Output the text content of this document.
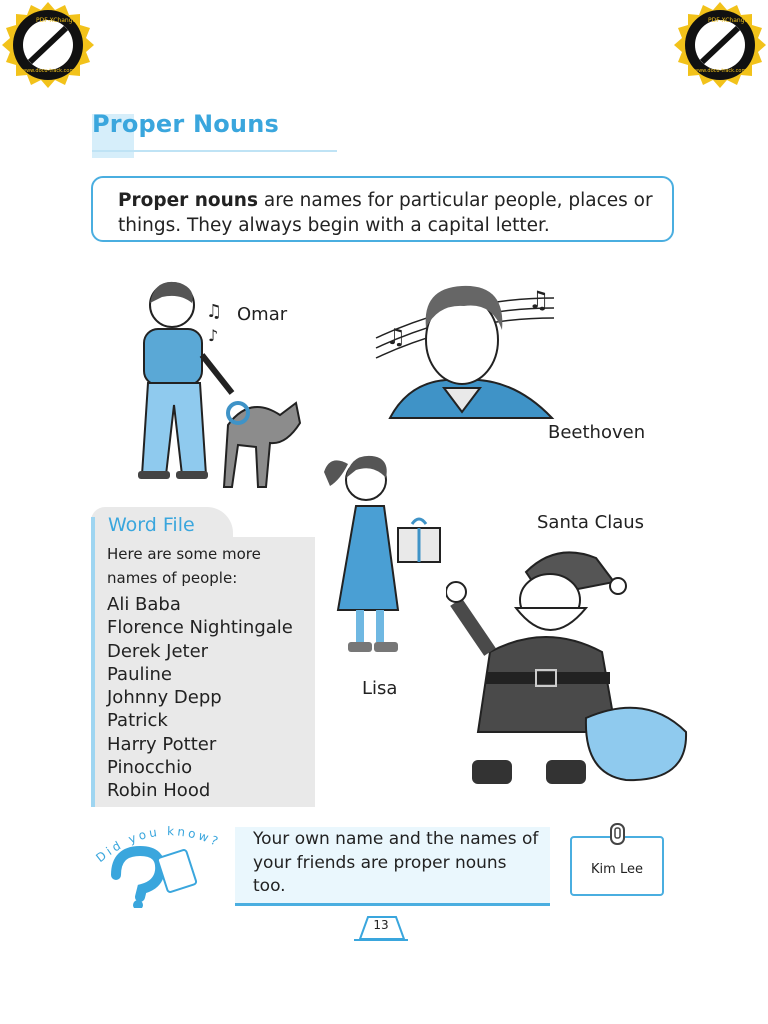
PDF-XChange
www.docu-track.com
PDF-XChange
www.docu-track.com
Proper Nouns
Proper nouns are names for particular people, places or
things. They always begin with a capital letter.
♫
♪
Omar
♫
♫
Beethoven
Lisa
Santa Claus
Word File
Here are some more names of people:
Ali Baba
Florence Nightingale
Derek Jeter
Pauline
Johnny Depp
Patrick
Harry Potter
Pinocchio
Robin Hood
Did you know? Your own name and the names of your friends are proper nouns too.
Kim Lee
13
